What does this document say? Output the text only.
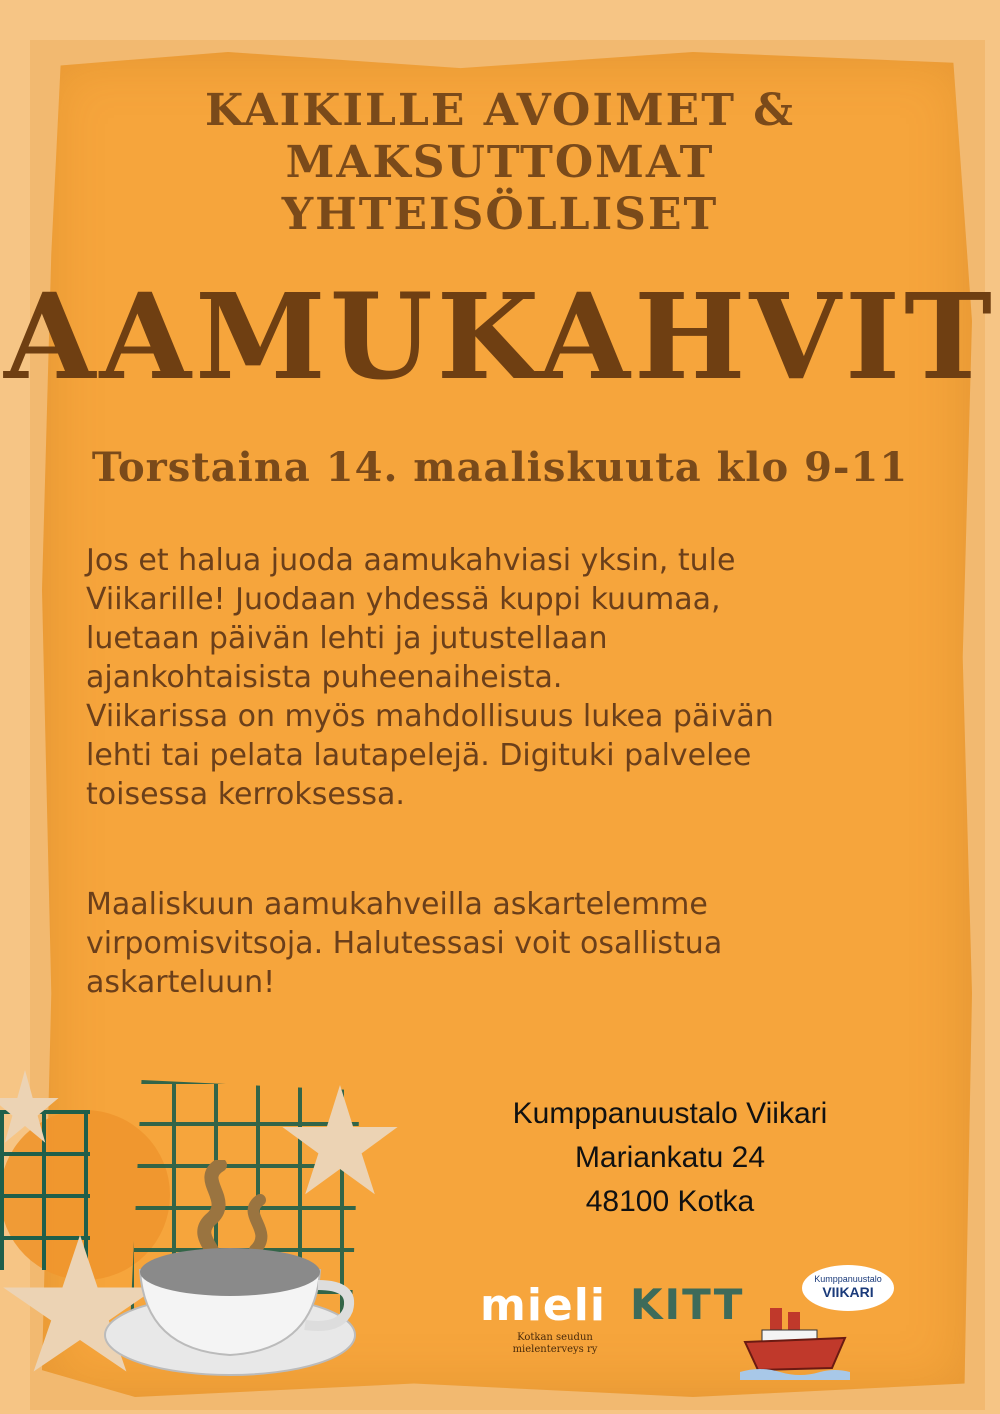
KAIKILLE AVOIMET &
MAKSUTTOMAT
YHTEISÖLLISET
AAMUKAHVIT
Torstaina 14. maaliskuuta klo 9-11
Jos et halua juoda aamukahviasi yksin, tule
Viikarille! Juodaan yhdessä kuppi kuumaa,
luetaan päivän lehti ja jutustellaan
ajankohtaisista puheenaiheista.
Viikarissa on myös mahdollisuus lukea päivän
lehti tai pelata lautapelejä. Digituki palvelee
toisessa kerroksessa.
Maaliskuun aamukahveilla askartelemme
virpomisvitsoja. Halutessasi voit osallistua
askarteluun!
Kumppanuustalo Viikari
Mariankatu 24
48100 Kotka
mieli
Kotkan seudun
mielenterveys ry
KITT
Kumppanuustalo
VIIKARI
